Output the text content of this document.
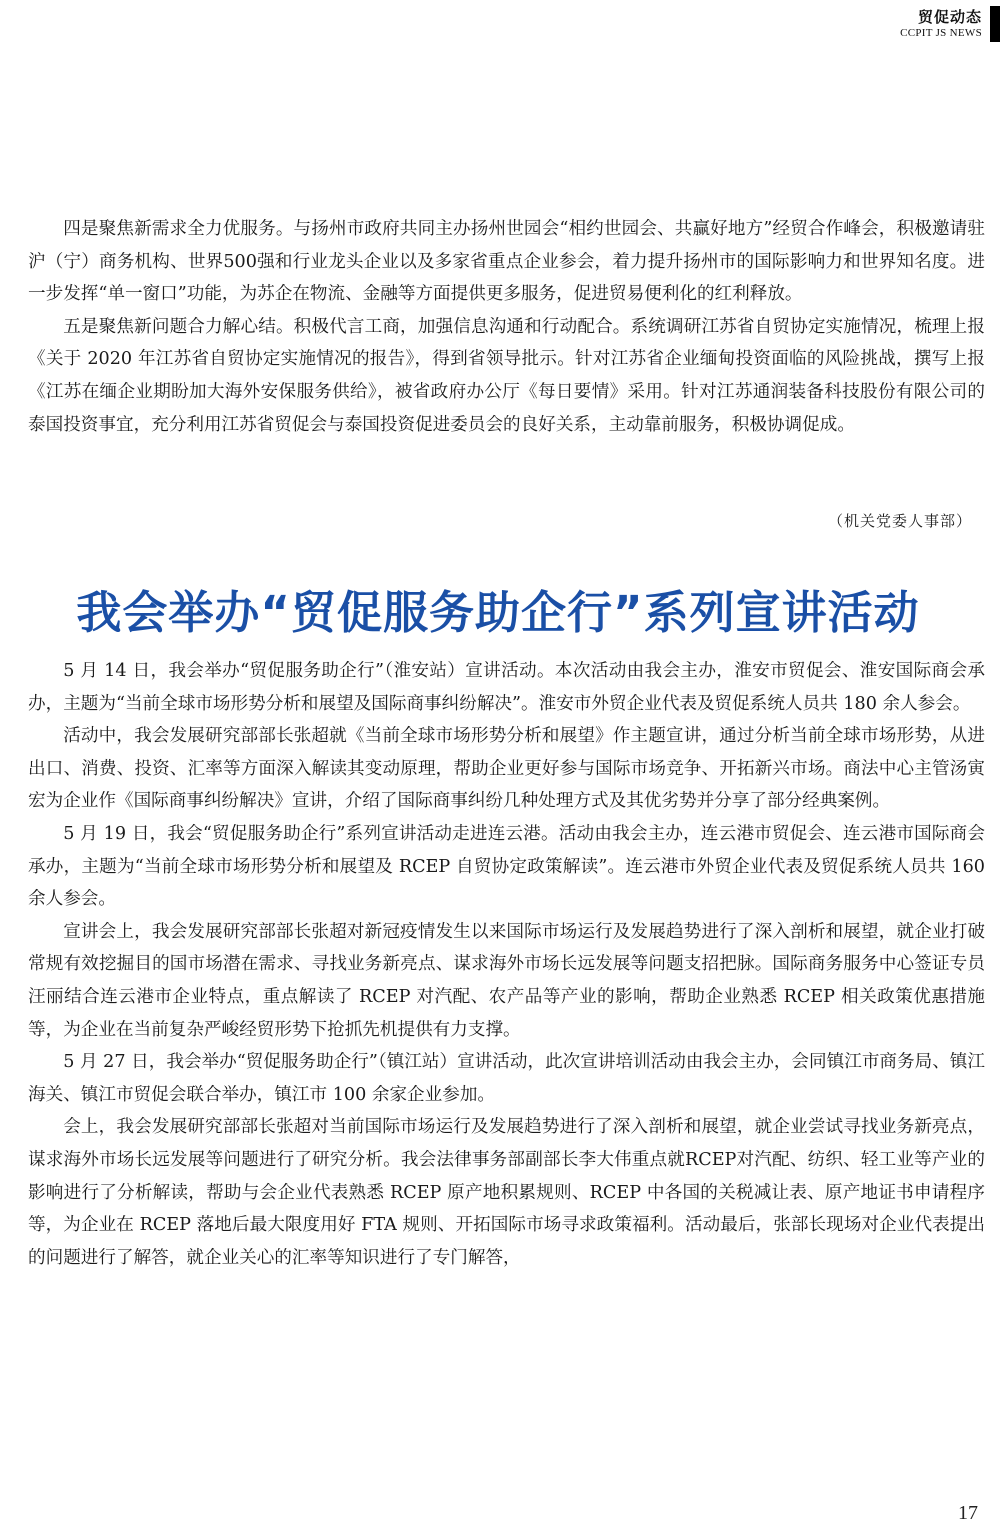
贸促动态
CCPIT JS NEWS

四是聚焦新需求全力优服务。与扬州市政府共同主办扬州世园会“相约世园会、共赢好地方”经贸合作峰会，积极邀请驻沪（宁）商务机构、世界500强和行业龙头企业以及多家省重点企业参会，着力提升扬州市的国际影响力和世界知名度。进一步发挥“单一窗口”功能，为苏企在物流、金融等方面提供更多服务，促进贸易便利化的红利释放。

五是聚焦新问题合力解心结。积极代言工商，加强信息沟通和行动配合。系统调研江苏省自贸协定实施情况，梳理上报《关于 2020 年江苏省自贸协定实施情况的报告》，得到省领导批示。针对江苏省企业缅甸投资面临的风险挑战，撰写上报《江苏在缅企业期盼加大海外安保服务供给》，被省政府办公厅《每日要情》采用。针对江苏通润装备科技股份有限公司的泰国投资事宜，充分利用江苏省贸促会与泰国投资促进委员会的良好关系，主动靠前服务，积极协调促成。

（机关党委人事部）
我会举办“贸促服务助企行”系列宣讲活动

5 月 14 日，我会举办“贸促服务助企行”（淮安站）宣讲活动。本次活动由我会主办，淮安市贸促会、淮安国际商会承办，主题为“当前全球市场形势分析和展望及国际商事纠纷解决”。淮安市外贸企业代表及贸促系统人员共 180 余人参会。

活动中，我会发展研究部部长张超就《当前全球市场形势分析和展望》作主题宣讲，通过分析当前全球市场形势，从进出口、消费、投资、汇率等方面深入解读其变动原理，帮助企业更好参与国际市场竞争、开拓新兴市场。商法中心主管汤寅宏为企业作《国际商事纠纷解决》宣讲，介绍了国际商事纠纷几种处理方式及其优劣势并分享了部分经典案例。

5 月 19 日，我会“贸促服务助企行”系列宣讲活动走进连云港。活动由我会主办，连云港市贸促会、连云港市国际商会承办，主题为“当前全球市场形势分析和展望及 RCEP 自贸协定政策解读”。连云港市外贸企业代表及贸促系统人员共 160 余人参会。

宣讲会上，我会发展研究部部长张超对新冠疫情发生以来国际市场运行及发展趋势进行了深入剖析和展望，就企业打破常规有效挖掘目的国市场潜在需求、寻找业务新亮点、谋求海外市场长远发展等问题支招把脉。国际商务服务中心签证专员汪丽结合连云港市企业特点，重点解读了 RCEP 对汽配、农产品等产业的影响，帮助企业熟悉 RCEP 相关政策优惠措施等，为企业在当前复杂严峻经贸形势下抢抓先机提供有力支撑。

5 月 27 日，我会举办“贸促服务助企行”（镇江站）宣讲活动，此次宣讲培训活动由我会主办，会同镇江市商务局、镇江海关、镇江市贸促会联合举办，镇江市 100 余家企业参加。

会上，我会发展研究部部长张超对当前国际市场运行及发展趋势进行了深入剖析和展望，就企业尝试寻找业务新亮点，谋求海外市场长远发展等问题进行了研究分析。我会法律事务部副部长李大伟重点就RCEP对汽配、纺织、轻工业等产业的影响进行了分析解读，帮助与会企业代表熟悉 RCEP 原产地积累规则、RCEP 中各国的关税减让表、原产地证书申请程序等，为企业在 RCEP 落地后最大限度用好 FTA 规则、开拓国际市场寻求政策福利。活动最后，张部长现场对企业代表提出的问题进行了解答，就企业关心的汇率等知识进行了专门解答，

17
